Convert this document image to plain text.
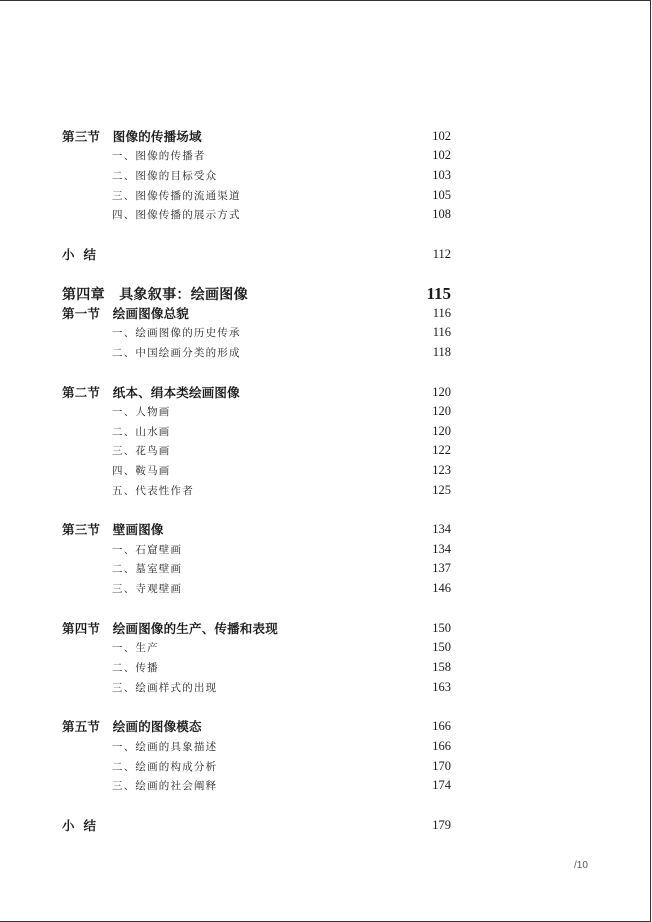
第三节　图像的传播场域	102
一、图像的传播者	102
二、图像的目标受众	103
三、图像传播的流通渠道	105
四、图像传播的展示方式	108
小结	112
第四章　具象叙事：绘画图像	115
第一节　绘画图像总貌	116
一、绘画图像的历史传承	116
二、中国绘画分类的形成	118
第二节　纸本、绢本类绘画图像	120
一、人物画	120
二、山水画	120
三、花鸟画	122
四、鞍马画	123
五、代表性作者	125
第三节　壁画图像	134
一、石窟壁画	134
二、墓室壁画	137
三、寺观壁画	146
第四节　绘画图像的生产、传播和表现	150
一、生产	150
二、传播	158
三、绘画样式的出现	163
第五节　绘画的图像模态	166
一、绘画的具象描述	166
二、绘画的构成分析	170
三、绘画的社会阐释	174
小结	179
/10
